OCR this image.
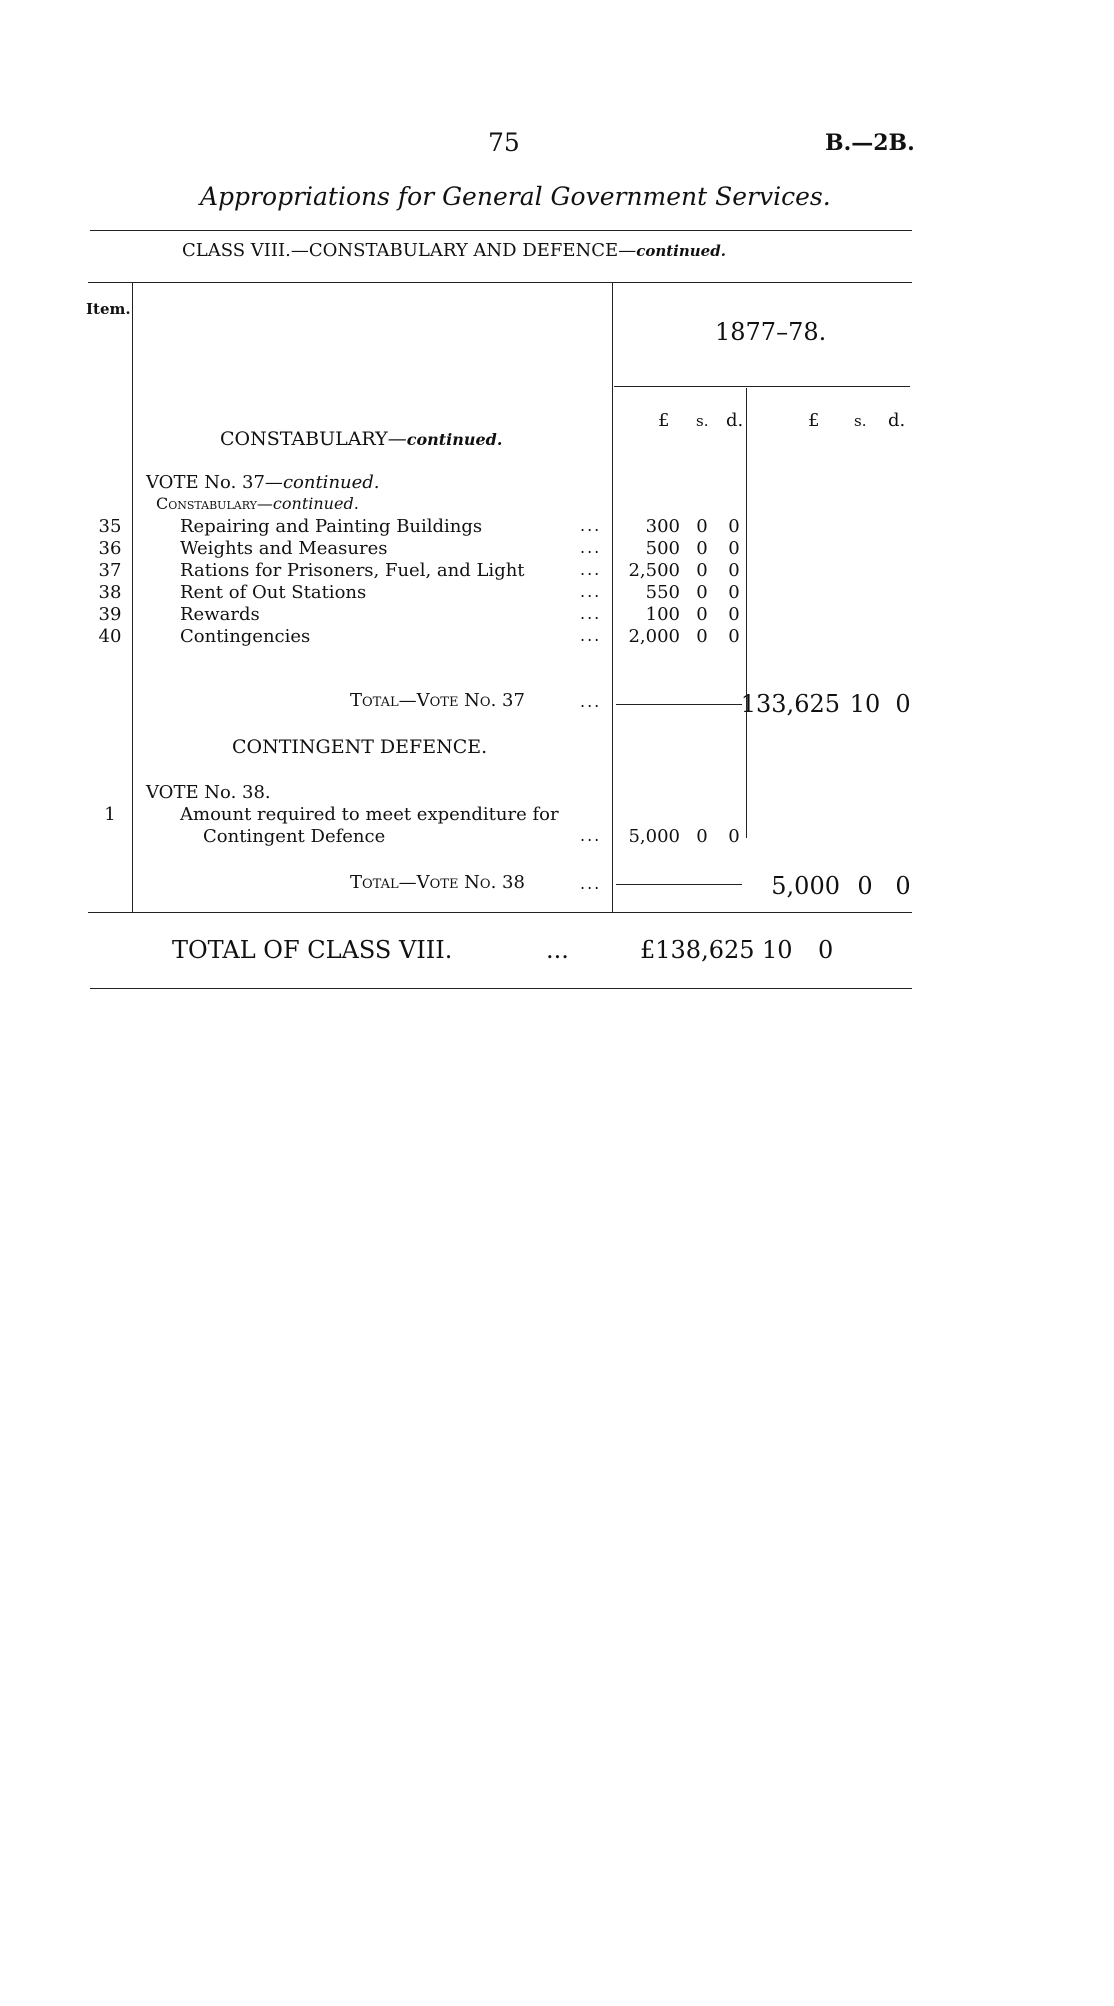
75	B.—2B.
Appropriations for General Government Services.
CLASS VIII.—CONSTABULARY AND DEFENCE—continued.
Item.
1877–78.
£ s. d.	£ s. d.
CONSTABULARY—continued.
VOTE No. 37—continued.
Constabulary—continued.
35	Repairing and Painting Buildings	...	300 0 0
36	Weights and Measures	...	500 0 0
37	Rations for Prisoners, Fuel, and Light	...	2,500 0 0
38	Rent of Out Stations	...	550 0 0
39	Rewards	...	100 0 0
40	Contingencies	...	2,000 0 0
Total—Vote No. 37	...	133,625 10 0
CONTINGENT DEFENCE.
VOTE No. 38.
1	Amount required to meet expenditure for
Contingent Defence	...	5,000 0 0
Total—Vote No. 38	...	5,000 0 0
TOTAL OF CLASS VIII.	...	£138,625 10 0
